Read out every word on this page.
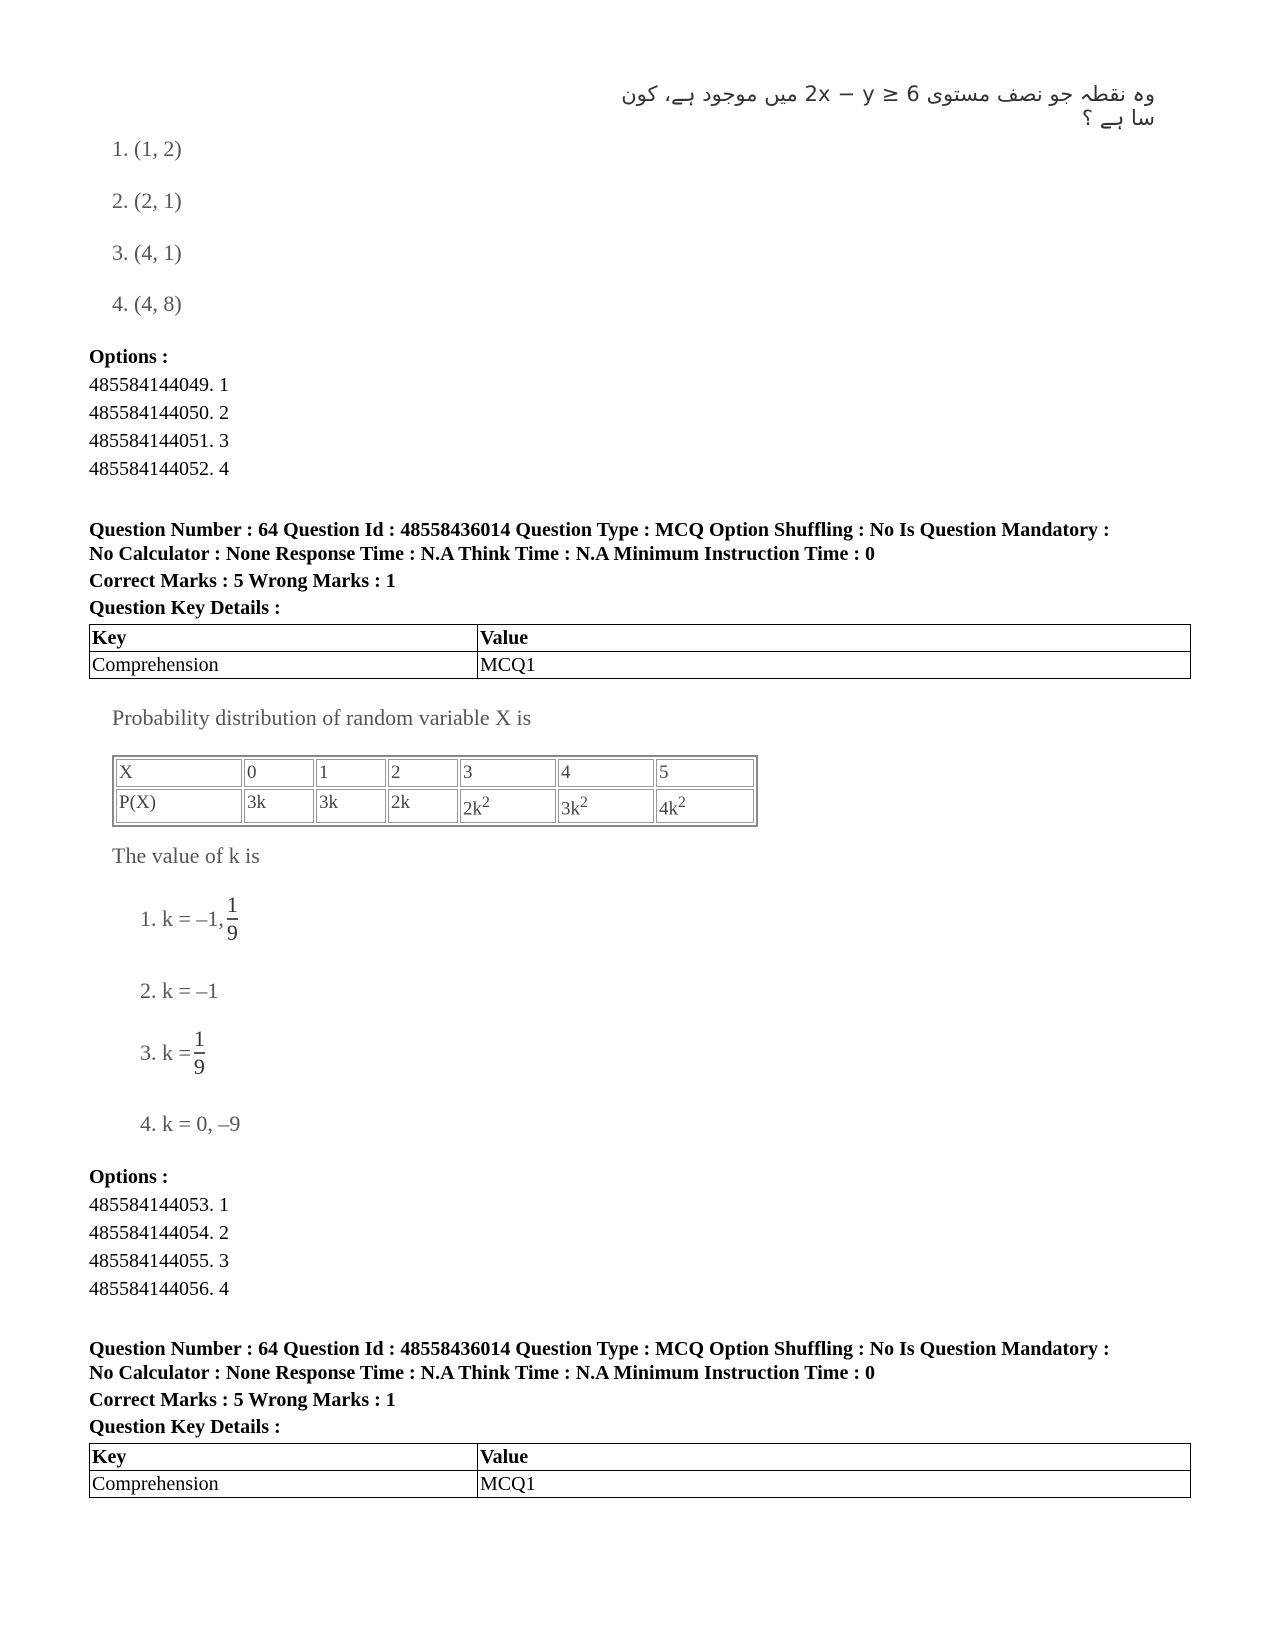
وہ نقطہ جو نصف مستوی 2x − y ≥ 6 میں موجود ہے، کون سا ہے ؟
1. (1, 2)
2. (2, 1)
3. (4, 1)
4. (4, 8)
Options :
485584144049. 1
485584144050. 2
485584144051. 3
485584144052. 4
Question Number : 64 Question Id : 48558436014 Question Type : MCQ Option Shuffling : No Is Question Mandatory :
No Calculator : None Response Time : N.A Think Time : N.A Minimum Instruction Time : 0
Correct Marks : 5 Wrong Marks : 1
Question Key Details :
Key	Value
Comprehension	MCQ1
Probability distribution of random variable X is
X	0	1	2	3	4	5
P(X)	3k	3k	2k	$2k^2$	$3k^2$	$4k^2$
The value of k is
1. k = –1, $\frac{1}{9}$
2. k = –1
3. $k = \frac{1}{9}$
4. k = 0, –9
Options :
485584144053. 1
485584144054. 2
485584144055. 3
485584144056. 4
Question Number : 64 Question Id : 48558436014 Question Type : MCQ Option Shuffling : No Is Question Mandatory :
No Calculator : None Response Time : N.A Think Time : N.A Minimum Instruction Time : 0
Correct Marks : 5 Wrong Marks : 1
Question Key Details :
Key	Value
Comprehension	MCQ1
